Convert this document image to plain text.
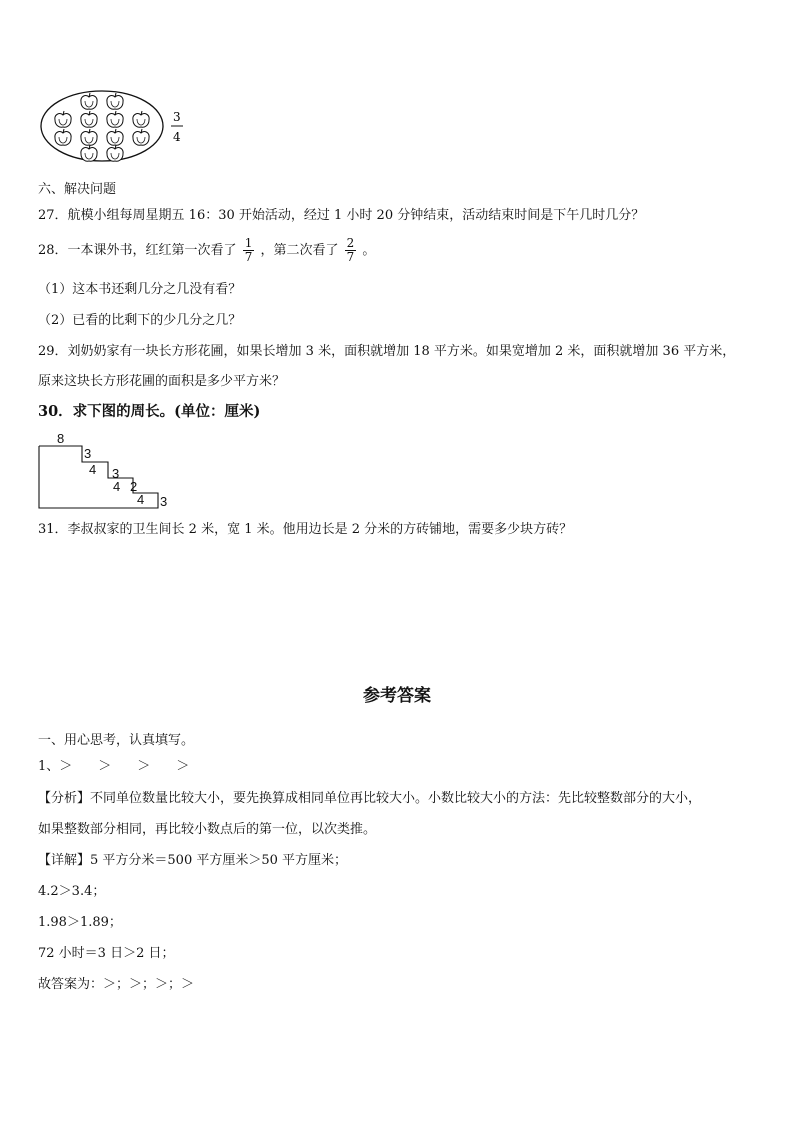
3
4
六、解决问题
27．航模小组每周星期五 16：30 开始活动，经过 1 小时 20 分钟结束，活动结束时间是下午几时几分？
28．一本课外书，红红第一次看了 $\frac{1}{7}$ ，第二次看了 $\frac{2}{7}$ 。
（1）这本书还剩几分之几没有看？
（2）已看的比剩下的少几分之几？
29．刘奶奶家有一块长方形花圃，如果长增加 3 米，面积就增加 18 平方米。如果宽增加 2 米，面积就增加 36 平方米，
原来这块长方形花圃的面积是多少平方米？
30．求下图的周长。(单位：厘米)
8
3
4 3
4 2
4 3
31．李叔叔家的卫生间长 2 米，宽 1 米。他用边长是 2 分米的方砖铺地，需要多少块方砖？
参考答案
一、用心思考，认真填写。
1、＞　　＞　　＞　　＞
【分析】不同单位数量比较大小，要先换算成相同单位再比较大小。小数比较大小的方法：先比较整数部分的大小，
如果整数部分相同，再比较小数点后的第一位，以次类推。
【详解】5 平方分米＝500 平方厘米＞50 平方厘米；
4.2＞3.4；
1.98＞1.89；
72 小时＝3 日＞2 日；
故答案为：＞；＞；＞；＞
